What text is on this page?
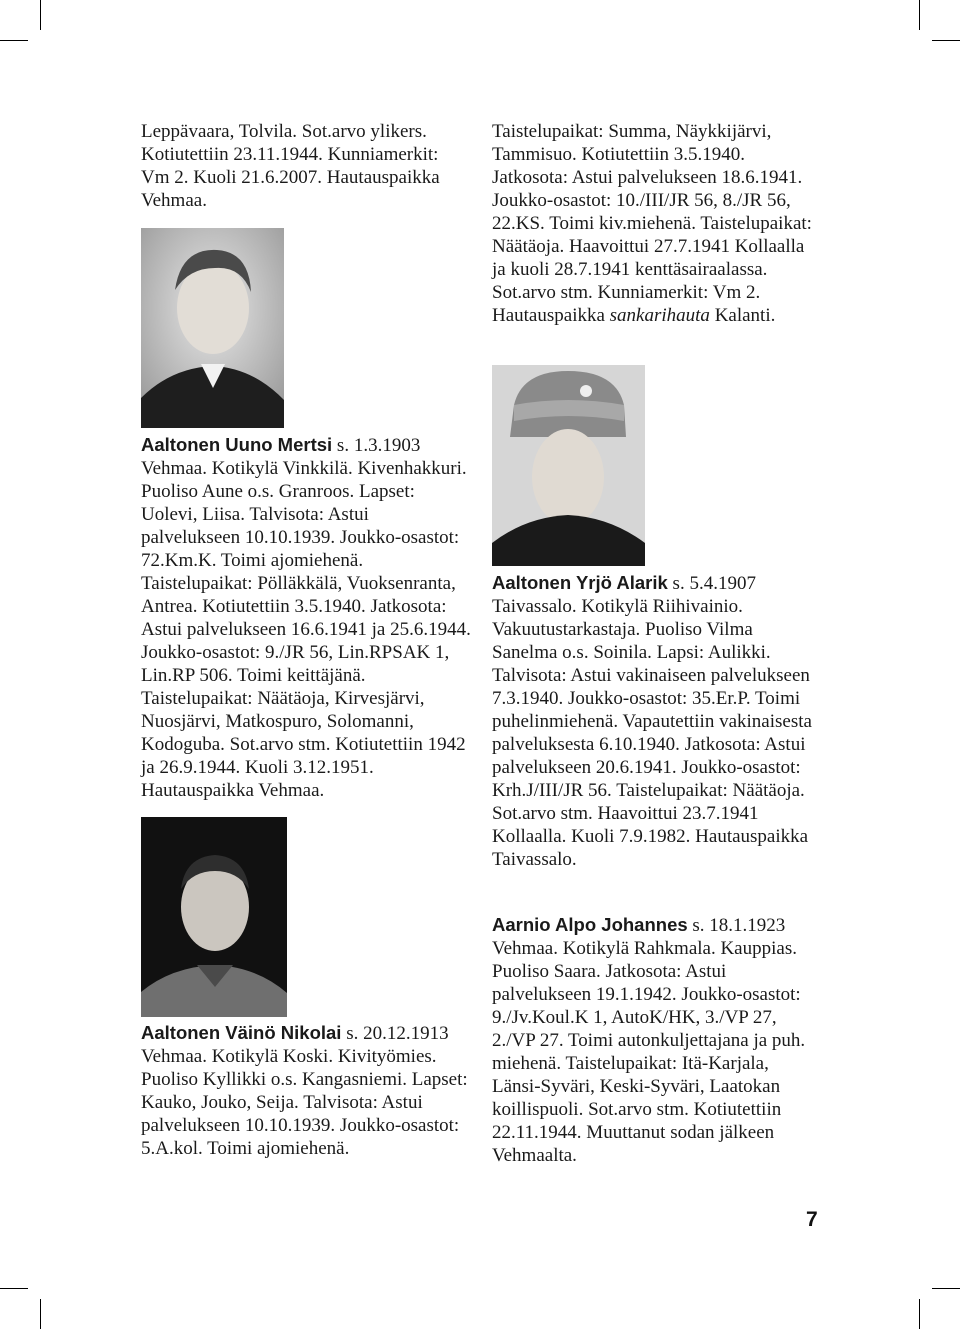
Leppävaara, Tolvila. Sot.arvo ylikers. Kotiutettiin 23.11.1944. Kunniamerkit: Vm 2. Kuoli 21.6.2007. Hautauspaikka Vehmaa.

Aaltonen Uuno Mertsi s. 1.3.1903 Vehmaa. Kotikylä Vinkkilä. Kivenhakkuri. Puoliso Aune o.s. Granroos. Lapset: Uolevi, Liisa. Talvisota: Astui palvelukseen 10.10.1939. Joukko-osastot: 72.Km.K. Toimi ajomiehenä. Taistelupaikat: Pölläkkälä, Vuoksenranta, Antrea. Kotiutettiin 3.5.1940. Jatkosota: Astui palvelukseen 16.6.1941 ja 25.6.1944. Joukko-osastot: 9./JR 56, Lin.RPSAK 1, Lin.RP 506. Toimi keittäjänä. Taistelupaikat: Näätäoja, Kirvesjärvi, Nuosjärvi, Matkospuro, Solomanni, Kodoguba. Sot.arvo stm. Kotiutettiin 1942 ja 26.9.1944. Kuoli 3.12.1951. Hautauspaikka Vehmaa.

Aaltonen Väinö Nikolai s. 20.12.1913 Vehmaa. Kotikylä Koski. Kivityömies. Puoliso Kyllikki o.s. Kangasniemi. Lapset: Kauko, Jouko, Seija. Talvisota: Astui palvelukseen 10.10.1939. Joukko-osastot: 5.A.kol. Toimi ajomiehenä.

Taistelupaikat: Summa, Näykkijärvi, Tammisuo. Kotiutettiin 3.5.1940. Jatkosota: Astui palvelukseen 18.6.1941. Joukko-osastot: 10./III/JR 56, 8./JR 56, 22.KS. Toimi kiv.miehenä. Taistelupaikat: Näätäoja. Haavoittui 27.7.1941 Kollaalla ja kuoli 28.7.1941 kenttäsairaalassa. Sot.arvo stm. Kunniamerkit: Vm 2. Hautauspaikka sankarihauta Kalanti.

Aaltonen Yrjö Alarik s. 5.4.1907 Taivassalo. Kotikylä Riihivainio. Vakuutustarkastaja. Puoliso Vilma Sanelma o.s. Soinila. Lapsi: Aulikki. Talvisota: Astui vakinaiseen palvelukseen 7.3.1940. Joukko-osastot: 35.Er.P. Toimi puhelinmiehenä. Vapautettiin vakinaisesta palveluksesta 6.10.1940. Jatkosota: Astui palvelukseen 20.6.1941. Joukko-osastot: Krh.J/III/JR 56. Taistelupaikat: Näätäoja. Sot.arvo stm. Haavoittui 23.7.1941 Kollaalla. Kuoli 7.9.1982. Hautauspaikka Taivassalo.

Aarnio Alpo Johannes s. 18.1.1923 Vehmaa. Kotikylä Rahkmala. Kauppias. Puoliso Saara. Jatkosota: Astui palvelukseen 19.1.1942. Joukko-osastot: 9./Jv.Koul.K 1, AutoK/HK, 3./VP 27, 2./VP 27. Toimi autonkuljettajana ja puh. miehenä. Taistelupaikat: Itä-Karjala, Länsi-Syväri, Keski-Syväri, Laatokan koillispuoli. Sot.arvo stm. Kotiutettiin 22.11.1944. Muuttanut sodan jälkeen Vehmaalta.

7
